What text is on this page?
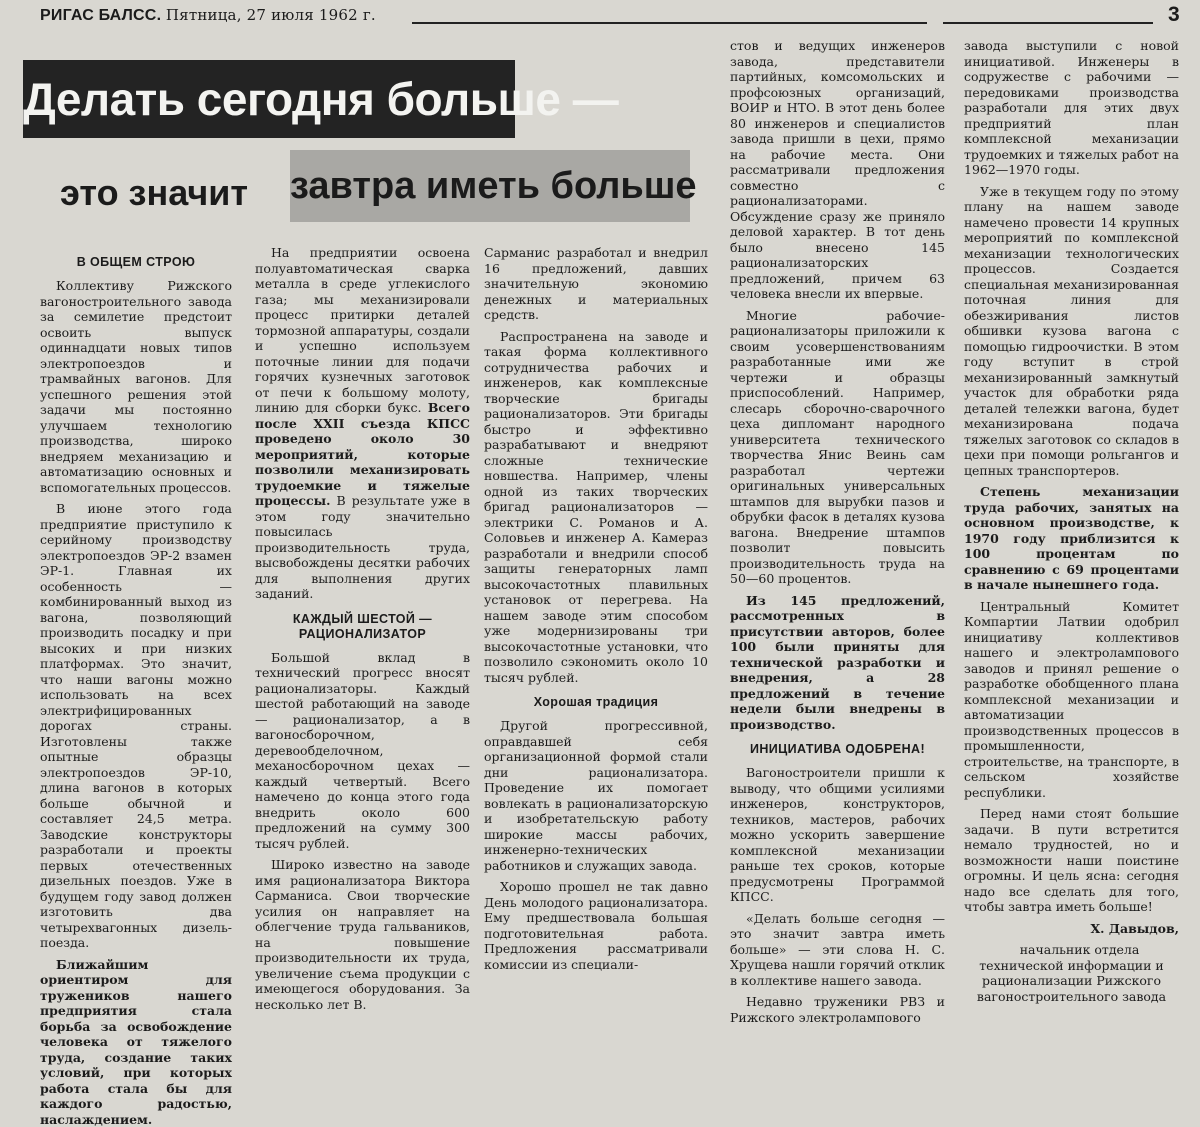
РИГАС БАЛСС. Пятница, 27 июля 1962 г.	3
Делать сегодня больше —
это значит	завтра иметь больше
В ОБЩЕМ СТРОЮ

Коллективу Рижского вагоностроительного завода за семилетие предстоит освоить выпуск одиннадцати новых типов электропоездов и трамвайных вагонов. Для успешного решения этой задачи мы постоянно улучшаем технологию производства, широко внедряем механизацию и автоматизацию основных и вспомогательных процессов.

В июне этого года предприятие приступило к серийному производству электропоездов ЭР-2 взамен ЭР-1. Главная их особенность — комбинированный выход из вагона, позволяющий производить посадку и при высоких и при низких платформах. Это значит, что наши вагоны можно использовать на всех электрифицированных дорогах страны. Изготовлены также опытные образцы электропоездов ЭР-10, длина вагонов в которых больше обычной и составляет 24,5 метра. Заводские конструкторы разработали и проекты первых отечественных дизельных поездов. Уже в будущем году завод должен изготовить два четырехвагонных дизель-поезда.

Ближайшим ориентиром для тружеников нашего предприятия стала борьба за освобождение человека от тяжелого труда, создание таких условий, при которых работа стала бы для каждого радостью, наслаждением.

На предприятии освоена полуавтоматическая сварка металла в среде углекислого газа; мы механизировали процесс притирки деталей тормозной аппаратуры, создали и успешно используем поточные линии для подачи горячих кузнечных заготовок от печи к большому молоту, линию для сборки букс. Всего после XXII съезда КПСС проведено около 30 мероприятий, которые позволили механизировать трудоемкие и тяжелые процессы. В результате уже в этом году значительно повысилась производительность труда, высвобождены десятки рабочих для выполнения других заданий.

КАЖДЫЙ ШЕСТОЙ — РАЦИОНАЛИЗАТОР

Большой вклад в технический прогресс вносят рационализаторы. Каждый шестой работающий на заводе — рационализатор, а в вагоносборочном, деревообделочном, механосборочном цехах — каждый четвертый. Всего намечено до конца этого года внедрить около 600 предложений на сумму 300 тысяч рублей.

Широко известно на заводе имя рационализатора Виктора Сарманиса. Свои творческие усилия он направляет на облегчение труда гальваников, на повышение производительности их труда, увеличение съема продукции с имеющегося оборудования. За несколько лет В.

Сарманис разработал и внедрил 16 предложений, давших значительную экономию денежных и материальных средств.

Распространена на заводе и такая форма коллективного сотрудничества рабочих и инженеров, как комплексные творческие бригады рационализаторов. Эти бригады быстро и эффективно разрабатывают и внедряют сложные технические новшества. Например, члены одной из таких творческих бригад рационализаторов — электрики С. Романов и А. Соловьев и инженер А. Камераз разработали и внедрили способ защиты генераторных ламп высокочастотных плавильных установок от перегрева. На нашем заводе этим способом уже модернизированы три высокочастотные установки, что позволило сэкономить около 10 тысяч рублей.

Хорошая традиция

Другой прогрессивной, оправдавшей себя организационной формой стали дни рационализатора. Проведение их помогает вовлекать в рационализаторскую и изобретательскую работу широкие массы рабочих, инженерно-технических работников и служащих завода.

Хорошо прошел не так давно День молодого рационализатора. Ему предшествовала большая подготовительная работа. Предложения рассматривали комиссии из специали-

стов и ведущих инженеров завода, представители партийных, комсомольских и профсоюзных организаций, ВОИР и НТО. В этот день более 80 инженеров и специалистов завода пришли в цехи, прямо на рабочие места. Они рассматривали предложения совместно с рационализаторами. Обсуждение сразу же приняло деловой характер. В тот день было внесено 145 рационализаторских предложений, причем 63 человека внесли их впервые.

Многие рабочие-рационализаторы приложили к своим усовершенствованиям разработанные ими же чертежи и образцы приспособлений. Например, слесарь сборочно-сварочного цеха дипломант народного университета технического творчества Янис Веинь сам разработал чертежи оригинальных универсальных штампов для вырубки пазов и обрубки фасок в деталях кузова вагона. Внедрение штампов позволит повысить производительность труда на 50—60 процентов.

Из 145 предложений, рассмотренных в присутствии авторов, более 100 были приняты для технической разработки и внедрения, а 28 предложений в течение недели были внедрены в производство.

ИНИЦИАТИВА ОДОБРЕНА!

Вагоностроители пришли к выводу, что общими усилиями инженеров, конструкторов, техников, мастеров, рабочих можно ускорить завершение комплексной механизации раньше тех сроков, которые предусмотрены Программой КПСС.

«Делать больше сегодня — это значит завтра иметь больше» — эти слова Н. С. Хрущева нашли горячий отклик в коллективе нашего завода.

Недавно труженики РВЗ и Рижского электролампового

завода выступили с новой инициативой. Инженеры в содружестве с рабочими — передовиками производства разработали для этих двух предприятий план комплексной механизации трудоемких и тяжелых работ на 1962—1970 годы.

Уже в текущем году по этому плану на нашем заводе намечено провести 14 крупных мероприятий по комплексной механизации технологических процессов. Создается специальная механизированная поточная линия для обезжиривания листов обшивки кузова вагона с помощью гидроочистки. В этом году вступит в строй механизированный замкнутый участок для обработки ряда деталей тележки вагона, будет механизирована подача тяжелых заготовок со складов в цехи при помощи рольгангов и цепных транспортеров.

Степень механизации труда рабочих, занятых на основном производстве, к 1970 году приблизится к 100 процентам по сравнению с 69 процентами в начале нынешнего года.

Центральный Комитет Компартии Латвии одобрил инициативу коллективов нашего и электролампового заводов и принял решение о разработке обобщенного плана комплексной механизации и автоматизации производственных процессов в промышленности, строительстве, на транспорте, в сельском хозяйстве республики.

Перед нами стоят большие задачи. В пути встретится немало трудностей, но и возможности наши поистине огромны. И цель ясна: сегодня надо все сделать для того, чтобы завтра иметь больше!

Х. Давыдов,

начальник отдела технической информации и рационализации Рижского вагоностроительного завода
